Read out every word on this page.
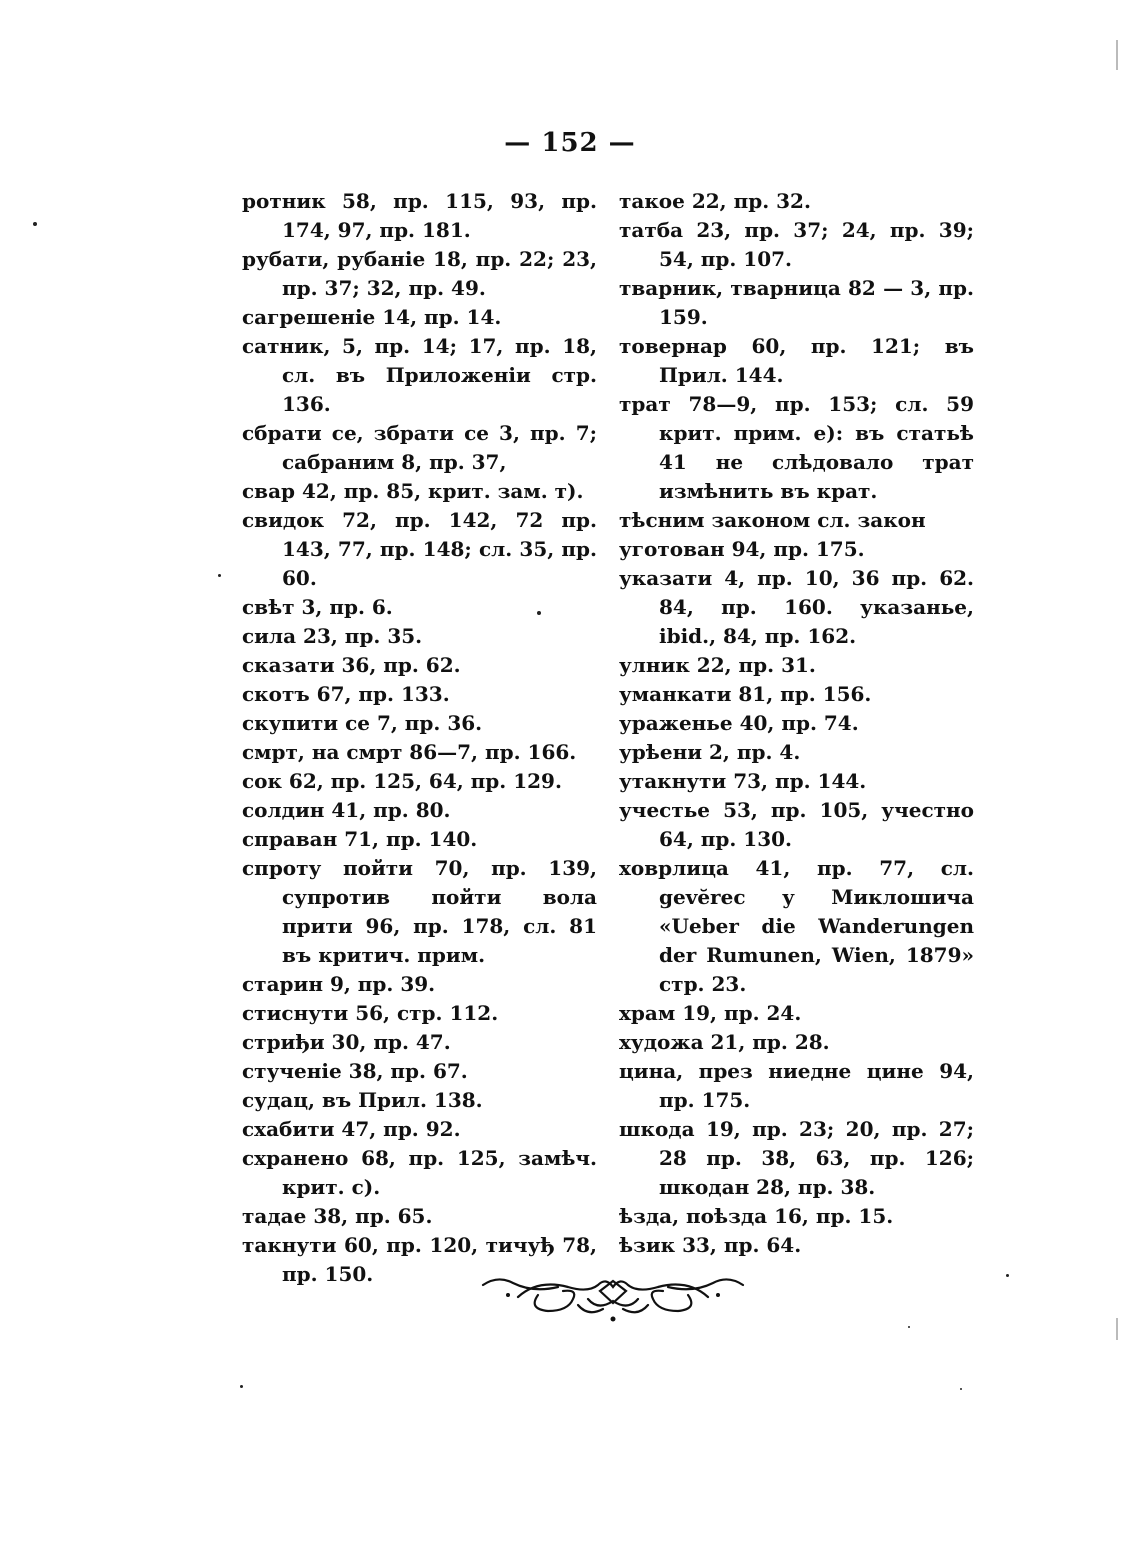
— 152 —

ротник 58, пр. 115, 93, пр. 174, 97, пр. 181.

рубати, рубаніе 18, пр. 22; 23, пр. 37; 32, пр. 49.

сагрешеніе 14, пр. 14.

сатник, 5, пр. 14; 17, пр. 18, сл. въ Приложеніи стр. 136.

сбрати се, збрати се 3, пр. 7; сабраним 8, пр. 37,

свар 42, пр. 85, крит. зам. т).

свидок 72, пр. 142, 72 пр. 143, 77, пр. 148; сл. 35, пр. 60.

свѣт 3, пр. 6.

сила 23, пр. 35.

сказати 36, пр. 62.

скотъ 67, пр. 133.

скупити се 7, пр. 36.

смрт, на смрт 86—7, пр. 166.

сок 62, пр. 125, 64, пр. 129.

солдин 41, пр. 80.

справан 71, пр. 140.

спроту пойти 70, пр. 139, супротив пойти вола прити 96, пр. 178, сл. 81 въ критич. прим.

старин 9, пр. 39.

стиснути 56, стр. 112.

стриђи 30, пр. 47.

стученіе 38, пр. 67.

судац, въ Прил. 138.

схабити 47, пр. 92.

схранено 68, пр. 125, замѣч. крит. с).

тадае 38, пр. 65.

такнути 60, пр. 120, тичуђ 78, пр. 150.

такое 22, пр. 32.

татба 23, пр. 37; 24, пр. 39; 54, пр. 107.

тварник, тварница 82 — 3, пр. 159.

товернар 60, пр. 121; въ Прил. 144.

трат 78—9, пр. 153; сл. 59 крит. прим. е): въ статьѣ 41 не слѣдовало трат измѣнить въ крат.

тѣсним законом сл. закон

уготован 94, пр. 175.

указати 4, пр. 10, 36 пр. 62. 84, пр. 160. указанье, ibid., 84, пр. 162.

улник 22, пр. 31.

уманкати 81, пр. 156.

ураженье 40, пр. 74.

урѣени 2, пр. 4.

утакнути 73, пр. 144.

учестье 53, пр. 105, учестно 64, пр. 130.

ховрлица 41, пр. 77, сл. gevĕrec у Миклошича «Ueber die Wanderungen der Rumunen, Wien, 1879» стр. 23.

храм 19, пр. 24.

художа 21, пр. 28.

цина, през ниедне цине 94, пр. 175.

шкода 19, пр. 23; 20, пр. 27; 28 пр. 38, 63, пр. 126; шкодан 28, пр. 38.

ѣзда, поѣзда 16, пр. 15.

ѣзик 33, пр. 64.
